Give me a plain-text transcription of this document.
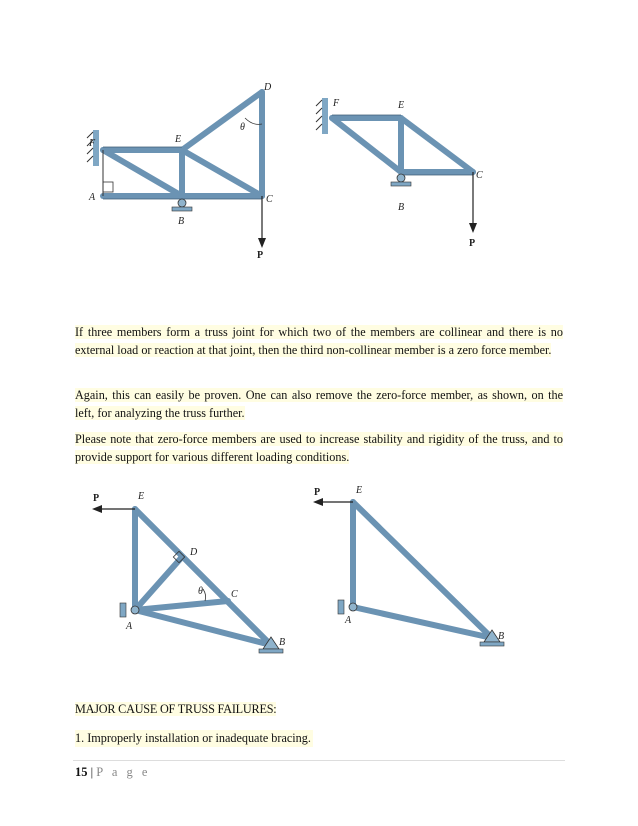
F	E
D
A
B
C
P
θ
F	E
C
B
P

If three members form a truss joint for which two of the members are collinear and there is no external load or reaction at that joint, then the third non-collinear member is a zero force member.

Again, this can easily be proven. One can also remove the zero-force member, as shown, on the left, for analyzing the truss further.

Please note that zero-force members are used to increase stability and rigidity of the truss, and to provide support for various different loading conditions.

P	E
D
C
A
B
θ
P	E
A
B
MAJOR CAUSE OF TRUSS FAILURES:
1. Improperly installation or inadequate bracing.
15 | P a g e
